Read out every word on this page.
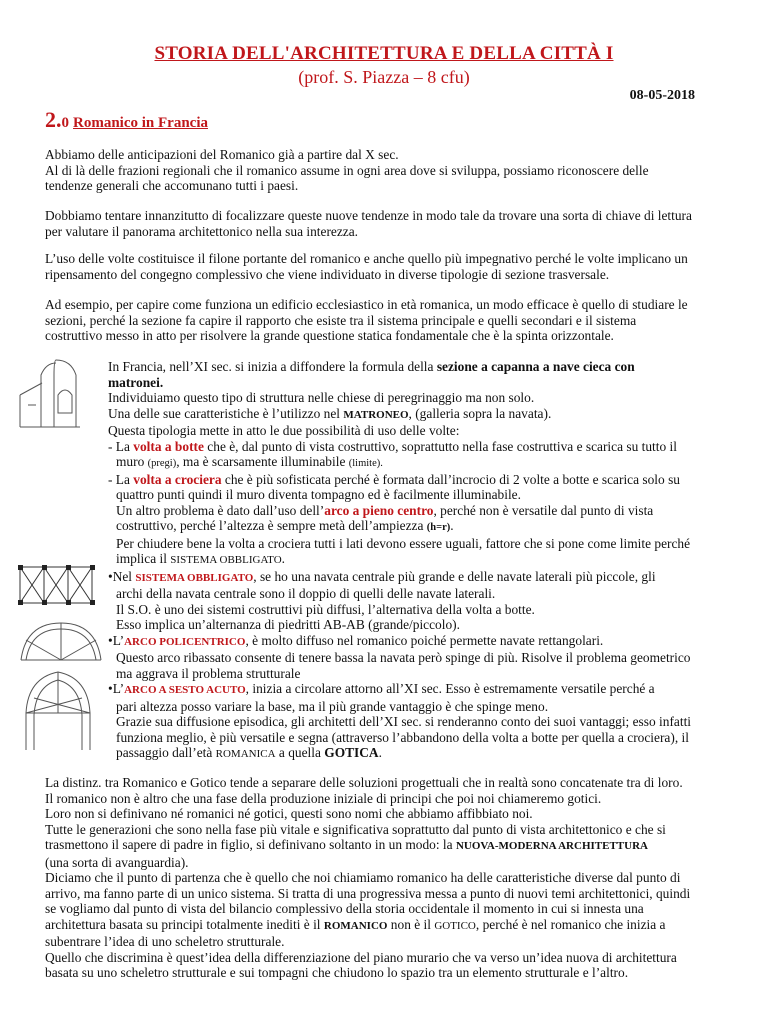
STORIA DELL'ARCHITETTURA E DELLA CITTÀ I
(prof. S. Piazza – 8 cfu)
08-05-2018
2.0 Romanico in Francia
Abbiamo delle anticipazioni del Romanico già a partire dal X sec.
Al di là delle frazioni regionali che il romanico assume in ogni area dove si sviluppa, possiamo riconoscere delle
tendenze generali che accomunano tutti i paesi.
Dobbiamo tentare innanzitutto di focalizzare queste nuove tendenze in modo tale da trovare una sorta di chiave di lettura
per valutare il panorama architettonico nella sua interezza.
L’uso delle volte costituisce il filone portante del romanico e anche quello più impegnativo perché le volte implicano un
ripensamento del congegno complessivo che viene individuato in diverse tipologie di sezione trasversale.
Ad esempio, per capire come funziona un edificio ecclesiastico in età romanica, un modo efficace è quello di studiare le
sezioni, perché la sezione fa capire il rapporto che esiste tra il sistema principale e quelli secondari e il sistema
costruttivo messo in atto per risolvere la grande questione statica fondamentale che è la spinta orizzontale.
In Francia, nell’XI sec. si inizia a diffondere la formula della sezione a capanna a nave cieca con
matronei.
Individuiamo questo tipo di struttura nelle chiese di peregrinaggio ma non solo.
Una delle sue caratteristiche è l’utilizzo nel MATRONEO, (galleria sopra la navata).
Questa tipologia mette in atto le due possibilità di uso delle volte:
- La volta a botte che è, dal punto di vista costruttivo, soprattutto nella fase costruttiva e scarica su tutto il
muro (pregi), ma è scarsamente illuminabile (limite).
- La volta a crociera che è più sofisticata perché è formata dall’incrocio di 2 volte a botte e scarica solo su
quattro punti quindi il muro diventa tompagno ed è facilmente illuminabile.
Un altro problema è dato dall’uso dell’arco a pieno centro, perché non è versatile dal punto di vista
costruttivo, perché l’altezza è sempre metà dell’ampiezza (h=r).
Per chiudere bene la volta a crociera tutti i lati devono essere uguali, fattore che si pone come limite perché
implica il SISTEMA OBBLIGATO.
•Nel SISTEMA OBBLIGATO, se ho una navata centrale più grande e delle navate laterali più piccole, gli
archi della navata centrale sono il doppio di quelli delle navate laterali.
Il S.O. è uno dei sistemi costruttivi più diffusi, l’alternativa della volta a botte.
Esso implica un’alternanza di piedritti AB-AB (grande/piccolo).
•L’ARCO POLICENTRICO, è molto diffuso nel romanico poiché permette navate rettangolari.
Questo arco ribassato consente di tenere bassa la navata però spinge di più. Risolve il problema geometrico
ma aggrava il problema strutturale
•L’ARCO A SESTO ACUTO, inizia a circolare attorno all’XI sec. Esso è estremamente versatile perché a
pari altezza posso variare la base, ma il più grande vantaggio è che spinge meno.
Grazie sua diffusione episodica, gli architetti dell’XI sec. si renderanno conto dei suoi vantaggi; esso infatti
funziona meglio, è più versatile e segna (attraverso l’abbandono della volta a botte per quella a crociera), il
passaggio dall’età ROMANICA a quella GOTICA.
La distinz. tra Romanico e Gotico tende a separare delle soluzioni progettuali che in realtà sono concatenate tra di loro.
Il romanico non è altro che una fase della produzione iniziale di principi che poi noi chiameremo gotici.
Loro non si definivano né romanici né gotici, questi sono nomi che abbiamo affibbiato noi.
Tutte le generazioni che sono nella fase più vitale e significativa soprattutto dal punto di vista architettonico e che si
trasmettono il sapere di padre in figlio, si definivano soltanto in un modo: la NUOVA-MODERNA ARCHITETTURA
(una sorta di avanguardia).
Diciamo che il punto di partenza che è quello che noi chiamiamo romanico ha delle caratteristiche diverse dal punto di
arrivo, ma fanno parte di un unico sistema. Si tratta di una progressiva messa a punto di nuovi temi architettonici, quindi
se vogliamo dal punto di vista del bilancio complessivo della storia occidentale il momento in cui si innesta una
architettura basata su principi totalmente inediti è il ROMANICO non è il GOTICO, perché è nel romanico che inizia a
subentrare l’idea di uno scheletro strutturale.
Quello che discrimina è quest’idea della differenziazione del piano murario che va verso un’idea nuova di architettura
basata su uno scheletro strutturale e sui tompagni che chiudono lo spazio tra un elemento strutturale e l’altro.
